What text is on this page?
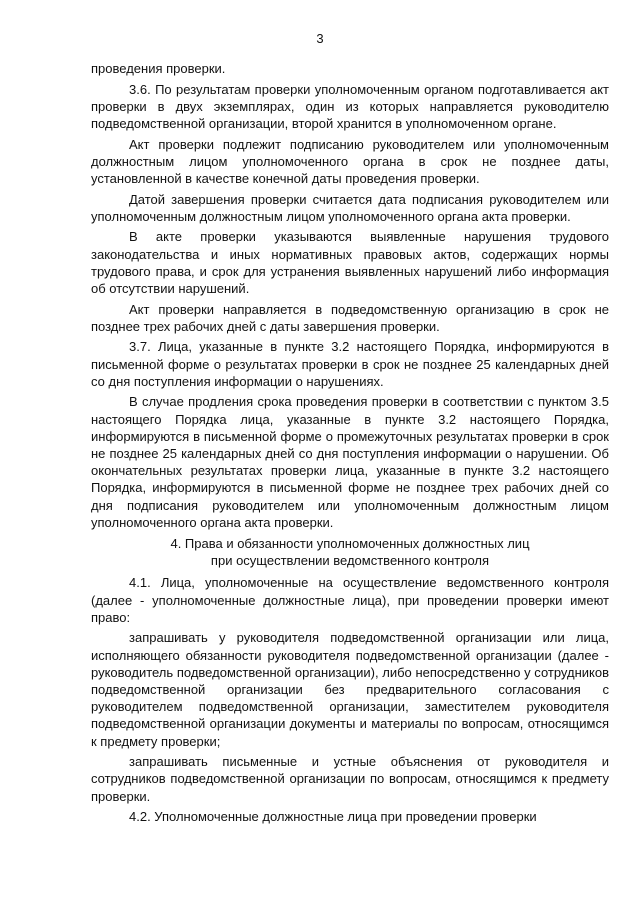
3

проведения проверки.

3.6. По результатам проверки уполномоченным органом подготавливается акт проверки в двух экземплярах, один из которых направляется руководителю подведомственной организации, второй хранится в уполномоченном органе.

Акт проверки подлежит подписанию руководителем или уполномоченным должностным лицом уполномоченного органа в срок не позднее даты, установленной в качестве конечной даты проведения проверки.

Датой завершения проверки считается дата подписания руководителем или уполномоченным должностным лицом уполномоченного органа акта проверки.

В акте проверки указываются выявленные нарушения трудового законодательства и иных нормативных правовых актов, содержащих нормы трудового права, и срок для устранения выявленных нарушений либо информация об отсутствии нарушений.

Акт проверки направляется в подведомственную организацию в срок не позднее трех рабочих дней с даты завершения проверки.

3.7. Лица, указанные в пункте 3.2 настоящего Порядка, информируются в письменной форме о результатах проверки в срок не позднее 25 календарных дней со дня поступления информации о нарушениях.

В случае продления срока проведения проверки в соответствии с пунктом 3.5 настоящего Порядка лица, указанные в пункте 3.2 настоящего Порядка, информируются в письменной форме о промежуточных результатах проверки в срок не позднее 25 календарных дней со дня поступления информации о нарушении. Об окончательных результатах проверки лица, указанные в пункте 3.2 настоящего Порядка, информируются в письменной форме не позднее трех рабочих дней со дня подписания руководителем или уполномоченным должностным лицом уполномоченного органа акта проверки.

4. Права и обязанности уполномоченных должностных лиц
при осуществлении ведомственного контроля

4.1. Лица, уполномоченные на осуществление ведомственного контроля (далее - уполномоченные должностные лица), при проведении проверки имеют право:

запрашивать у руководителя подведомственной организации или лица, исполняющего обязанности руководителя подведомственной организации (далее - руководитель подведомственной организации), либо непосредственно у сотрудников подведомственной организации без предварительного согласования с руководителем подведомственной организации, заместителем руководителя подведомственной организации документы и материалы по вопросам, относящимся к предмету проверки;

запрашивать письменные и устные объяснения от руководителя и сотрудников подведомственной организации по вопросам, относящимся к предмету проверки.

4.2. Уполномоченные должностные лица при проведении проверки
